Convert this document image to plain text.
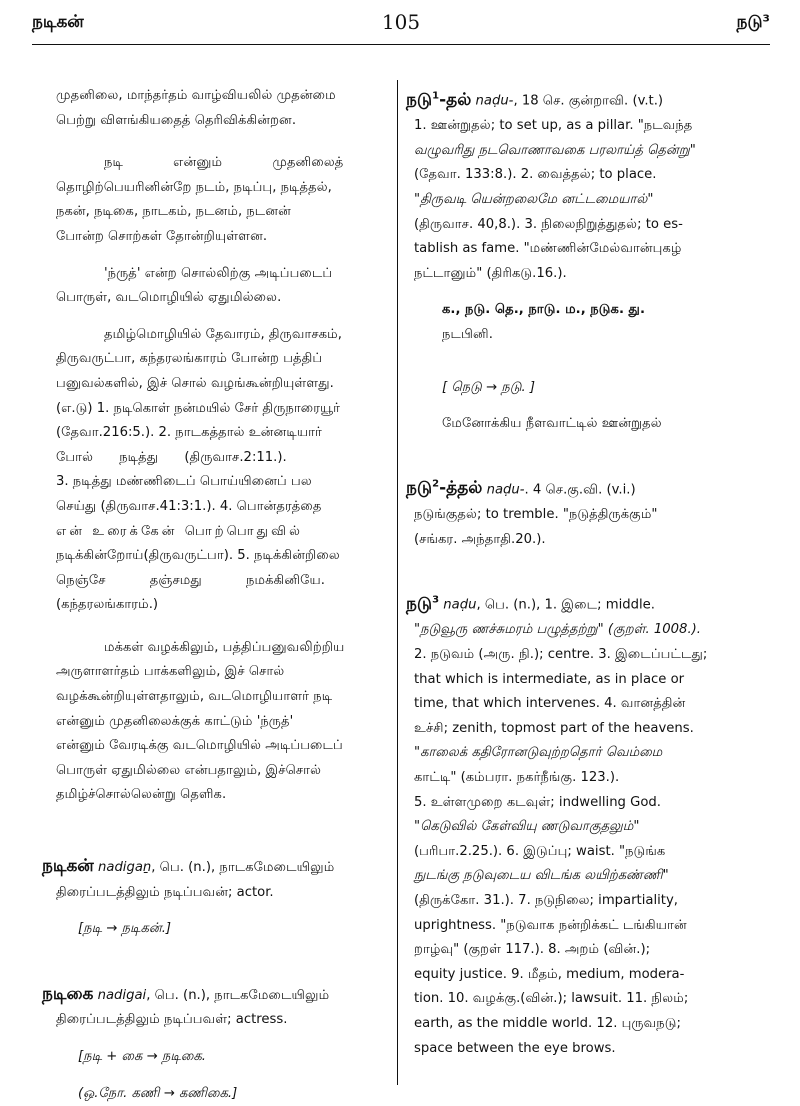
நடிகன்	105	நடு³

முதனிலை, மாந்தர்தம் வாழ்வியலில் முதன்மை

பெற்று விளங்கியதைத் தெரிவிக்கின்றன.

நடி என்னும் முதனிலைத்

தொழிற்பெயரினின்றே நடம், நடிப்பு, நடித்தல்,

நகன், நடிகை, நாடகம், நடனம், நடனன்

போன்ற சொற்கள் தோன்றியுள்ளன.

'ந்ருத்' என்ற சொல்லிற்கு அடிப்படைப்

பொருள், வடமொழியில் ஏதுமில்லை.

தமிழ்மொழியில் தேவாரம், திருவாசகம்,

திருவருட்பா, கந்தரலங்காரம் போன்ற பத்திப்

பனுவல்களில், இச் சொல் வழங்கூன்றியுள்ளது.

(எ.டு) 1. நடிகொள் நன்மயில் சேர் திருநாரையூர்

(தேவா.216:5.). 2. நாடகத்தால் உன்னடியார்

போல் நடித்து (திருவாச.2:11.).

3. நடித்து மண்ணிடைப் பொய்யினைப் பல

செய்து (திருவாச.41:3:1.). 4. பொன்தரத்தை

என் உரைக்கேன் பொற்பொதுவில்

நடிக்கின்றோய்(திருவருட்பா). 5. நடிக்கின்றிலை

நெஞ்சே தஞ்சமது நமக்கினியே.

(கந்தரலங்காரம்.)

மக்கள் வழக்கிலும், பத்திப்பனுவலிற்றிய

அருளாளர்தம் பாக்களிலும், இச் சொல்

வழக்கூன்றியுள்ளதாலும், வடமொழியாளர் நடி

என்னும் முதனிலைக்குக் காட்டும் 'ந்ருத்'

என்னும் வேரடிக்கு வடமொழியில் அடிப்படைப்

பொருள் ஏதுமில்லை என்பதாலும், இச்சொல்

தமிழ்ச்சொல்லென்று தெளிக.

நடிகன் nadigaṉ, பெ. (n.), நாடகமேடையிலும்

திரைப்படத்திலும் நடிப்பவன்; actor.

[நடி → நடிகன்.]

நடிகை nadigai, பெ. (n.), நாடகமேடையிலும்

திரைப்படத்திலும் நடிப்பவள்; actress.

[நடி + கை → நடிகை.

(ஒ.நோ. கணி → கணிகை.]

நடு$^1$-தல் naḍu-, 18 செ. குன்றாவி. (v.t.)

1. ஊன்றுதல்; to set up, as a pillar. "நடவந்த

வழுவரிது நடவொணாவகை பரலாய்த் தென்று"

(தேவா. 133:8.). 2. வைத்தல்; to place.

"திருவடி யென்றலைமே னட்டமையால்"

(திருவாச. 40,8.). 3. நிலைநிறுத்துதல்; to es-

tablish as fame. "மண்ணின்மேல்வான்புகழ்

நட்டானும்" (திரிகடு.16.).

க., நடு. தெ., நாடு. ம., நடுக. து.

நடபினி.

[ நெடு → நடு. ]

மேனோக்கிய நீளவாட்டில் ஊன்றுதல்

நடு$^2$-த்தல் naḍu-. 4 செ.கு.வி. (v.i.)

நடுங்குதல்; to tremble. "நடுத்திருக்கும்"

(சங்கர. அந்தாதி.20.).

நடு$^3$ naḍu, பெ. (n.), 1. இடை; middle.

"நடுவூரு ணச்சுமரம் பழுத்தற்று" (குறள். 1008.).

2. நடுவம் (அரு. நி.); centre. 3. இடைப்பட்டது;

that which is intermediate, as in place or

time, that which intervenes. 4. வானத்தின்

உச்சி; zenith, topmost part of the heavens.

"காலைக் கதிரோனடுவுற்றதொர் வெம்மை

காட்டி" (கம்பரா. நகர்நீங்கு. 123.).

5. உள்ளமுறை கடவுள்; indwelling God.

"கெடுவில் கேள்வியு ணடுவாகுதலும்"

(பரிபா.2.25.). 6. இடுப்பு; waist. "நடுங்க

நுடங்கு நடுவுடைய விடங்க லயிற்கண்ணி"

(திருக்கோ. 31.). 7. நடுநிலை; impartiality,

uprightness. "நடுவாக நன்றிக்கட் டங்கியான்

றாழ்வு" (குறள் 117.). 8. அறம் (வின்.);

equity justice. 9. மீதம், medium, modera-

tion. 10. வழக்கு.(வின்.); lawsuit. 11. நிலம்;

earth, as the middle world. 12. புருவநடு;

space between the eye brows.
